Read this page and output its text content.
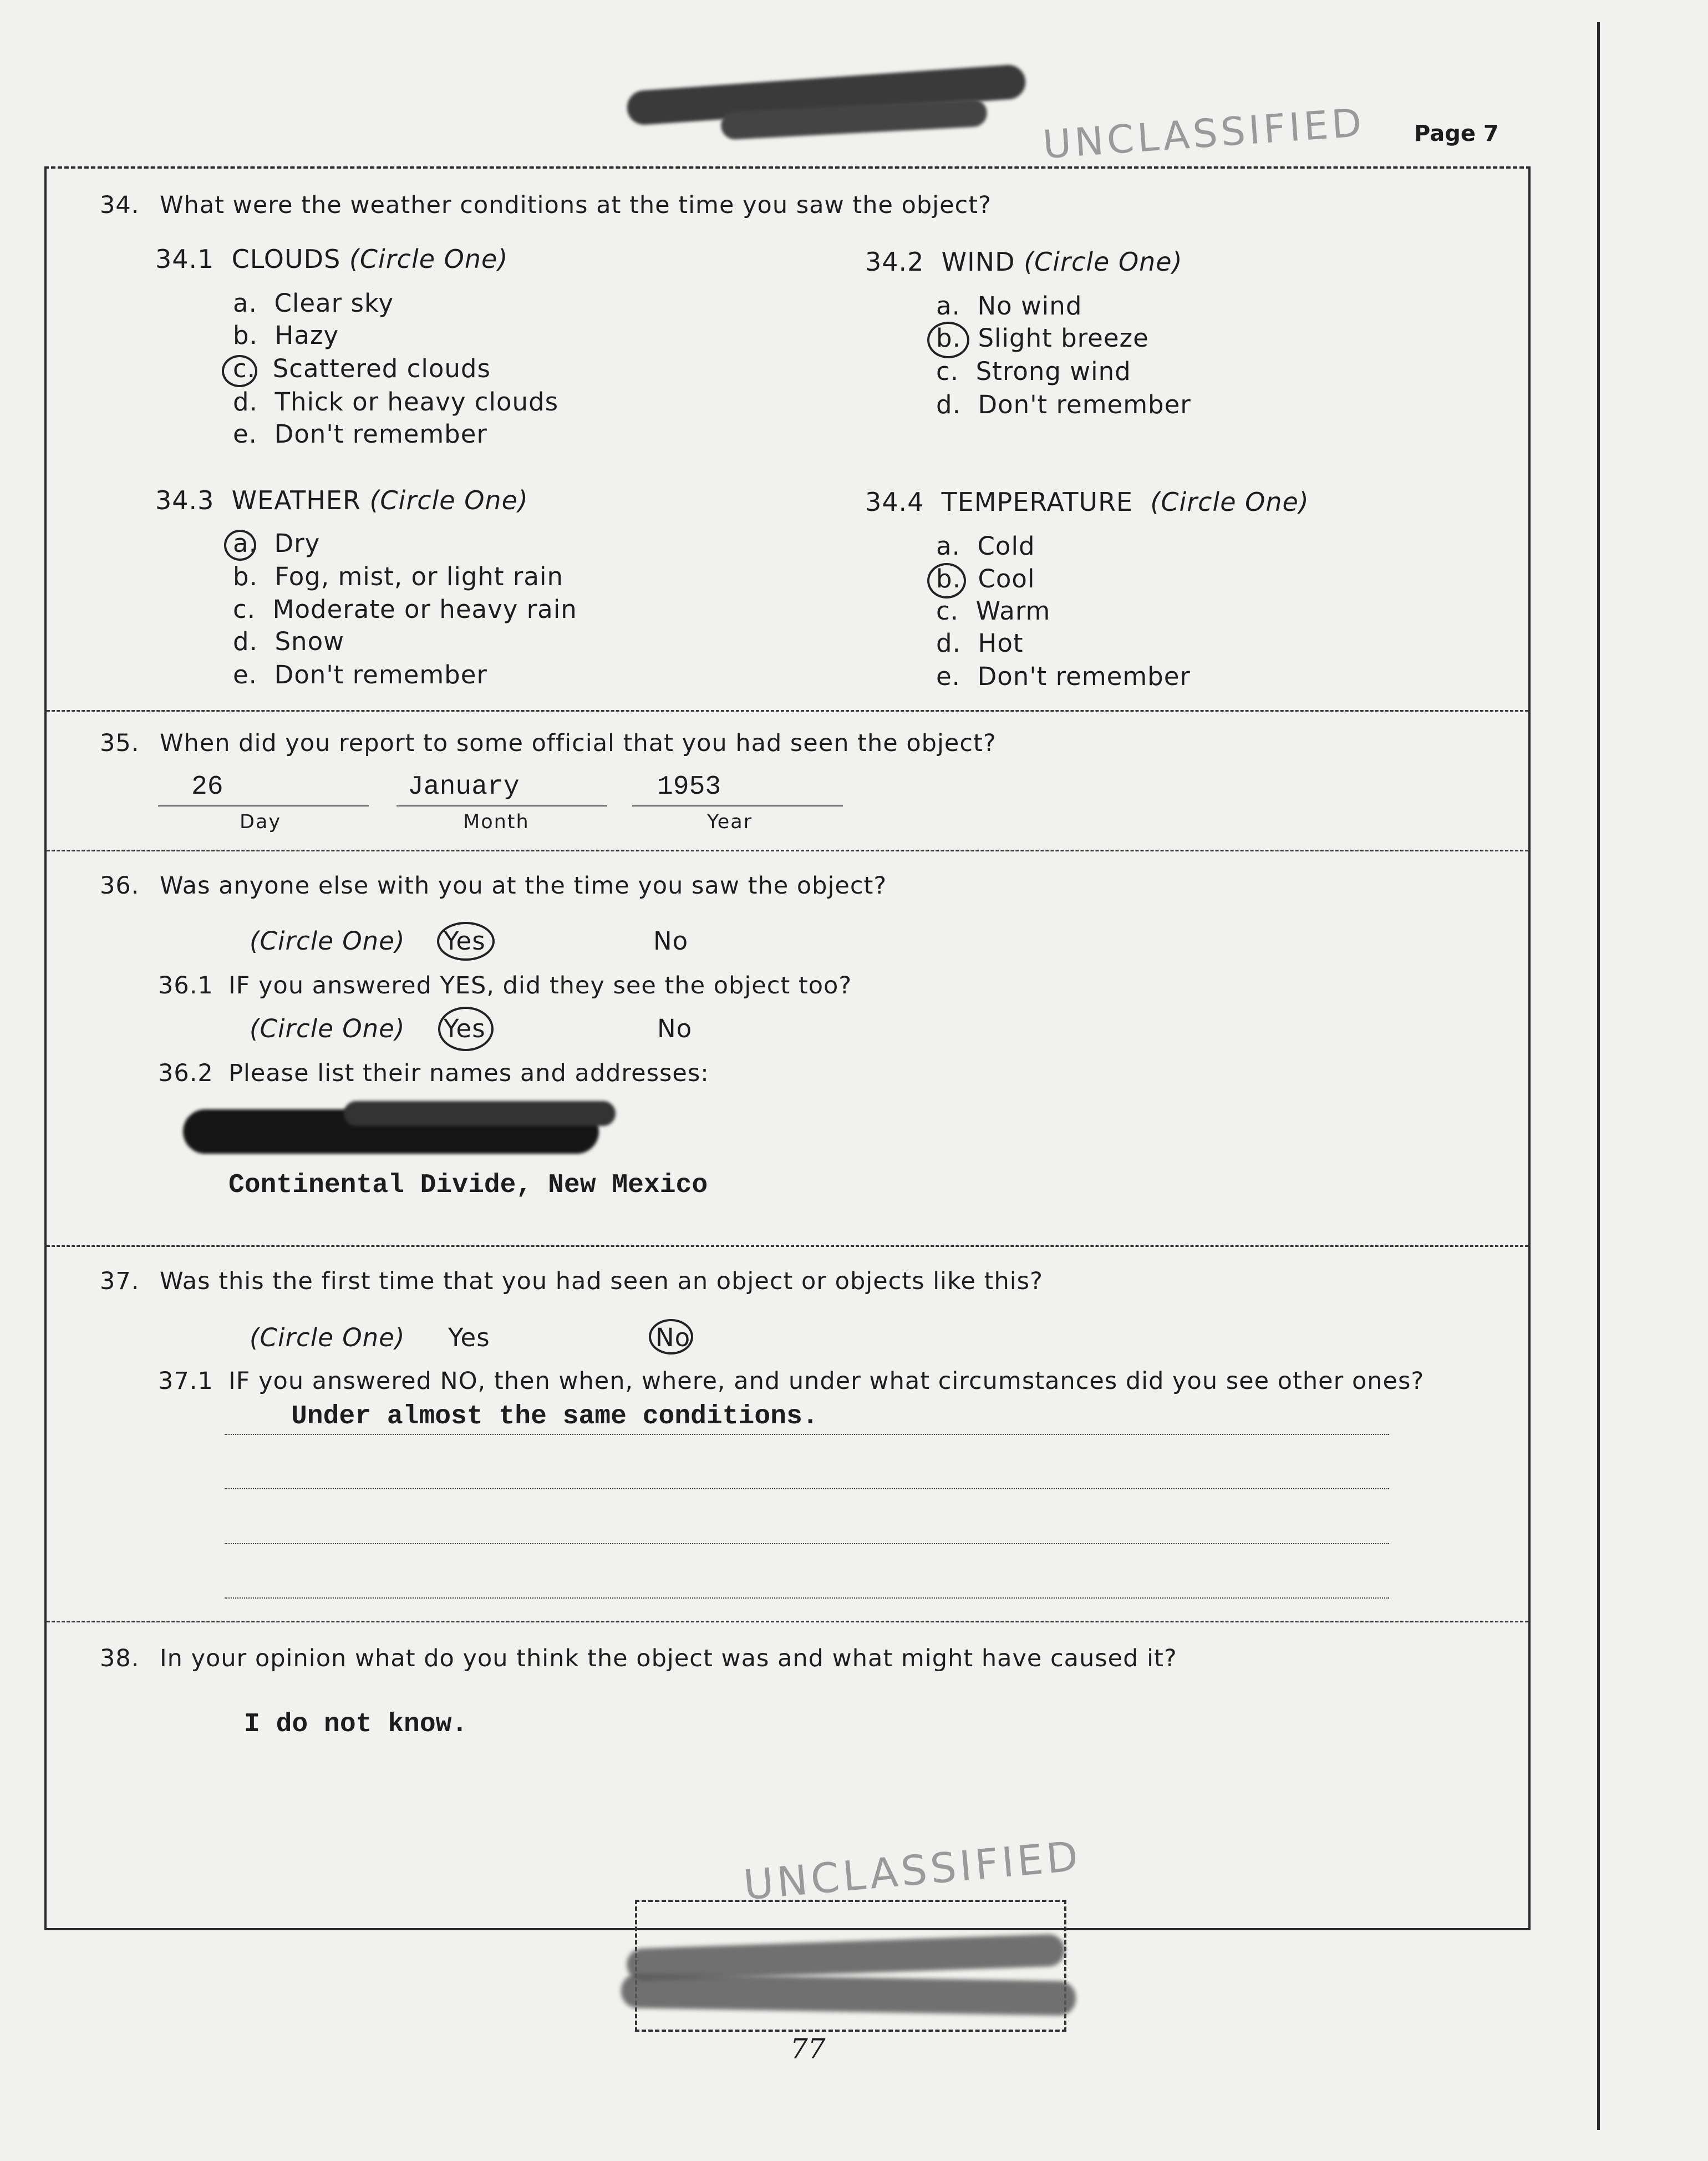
Page 7
UNCLASSIFIED
34. What were the weather conditions at the time you saw the object?
34.1 CLOUDS (Circle One)
a. Clear sky
b. Hazy
c. Scattered clouds
d. Thick or heavy clouds
e. Don't remember
34.2 WIND (Circle One)
a. No wind
b. Slight breeze
c. Strong wind
d. Don't remember
34.3 WEATHER (Circle One)
a. Dry
b. Fog, mist, or light rain
c. Moderate or heavy rain
d. Snow
e. Don't remember
34.4 TEMPERATURE (Circle One)
a. Cold
b. Cool
c. Warm
d. Hot
e. Don't remember
35. When did you report to some official that you had seen the object?
26
Day
January
Month
1953
Year
36. Was anyone else with you at the time you saw the object?
(Circle One) Yes	No
36.1 IF you answered YES, did they see the object too?
(Circle One) Yes	No
36.2 Please list their names and addresses:
Continental Divide, New Mexico
37. Was this the first time that you had seen an object or objects like this?
(Circle One) Yes	No
37.1 IF you answered NO, then when, where, and under what circumstances did you see other ones?
Under almost the same conditions.
38. In your opinion what do you think the object was and what might have caused it?
I do not know.
UNCLASSIFIED
77
